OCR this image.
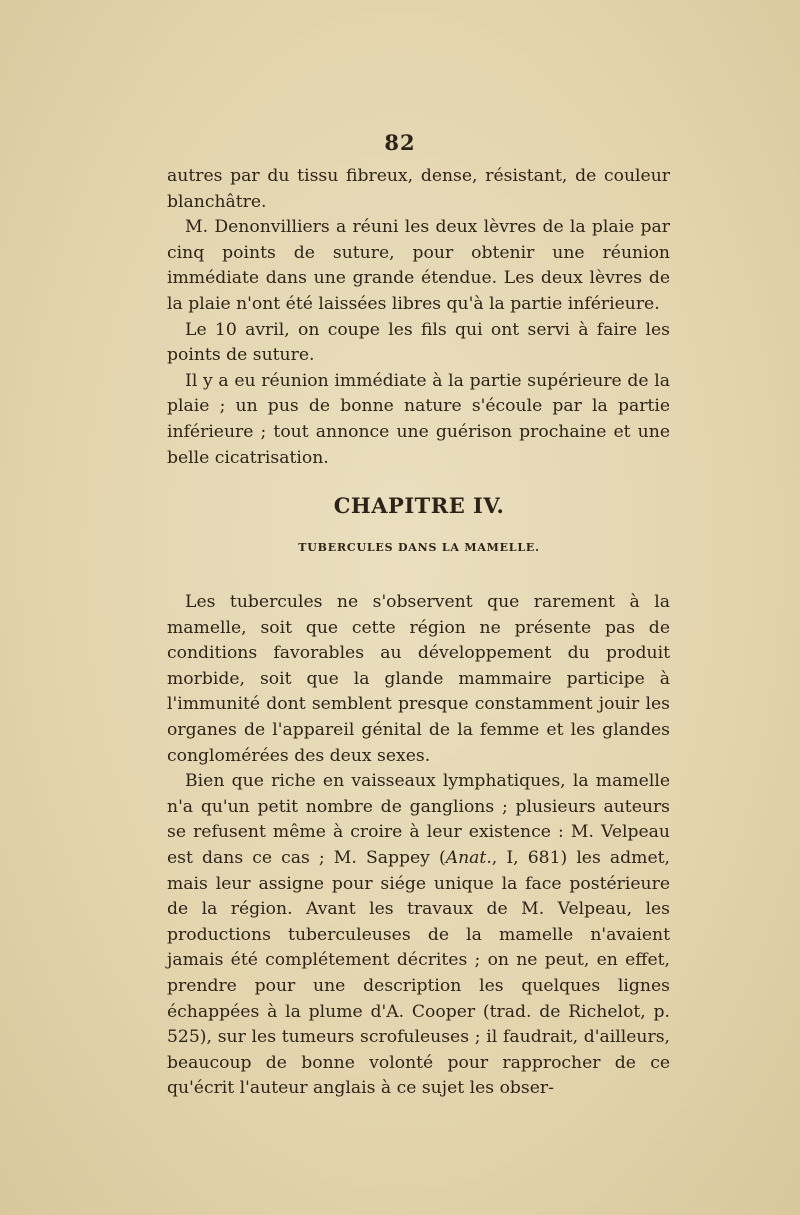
82

autres par du tissu fibreux, dense, résistant, de couleur blanchâtre.

M. Denonvilliers a réuni les deux lèvres de la plaie par cinq points de suture, pour obtenir une réunion immédiate dans une grande étendue. Les deux lèvres de la plaie n'ont été laissées libres qu'à la partie inférieure.

Le 10 avril, on coupe les fils qui ont servi à faire les points de suture.

Il y a eu réunion immédiate à la partie supérieure de la plaie ; un pus de bonne nature s'écoule par la partie inférieure ; tout annonce une guérison prochaine et une belle cicatrisation.

CHAPITRE IV.
TUBERCULES DANS LA MAMELLE.

Les tubercules ne s'observent que rarement à la mamelle, soit que cette région ne présente pas de conditions favorables au développement du produit morbide, soit que la glande mammaire participe à l'immunité dont semblent presque constamment jouir les organes de l'appareil génital de la femme et les glandes conglomérées des deux sexes.

Bien que riche en vaisseaux lymphatiques, la mamelle n'a qu'un petit nombre de ganglions ; plusieurs auteurs se refusent même à croire à leur existence : M. Velpeau est dans ce cas ; M. Sappey (Anat., I, 681) les admet, mais leur assigne pour siége unique la face postérieure de la région. Avant les travaux de M. Velpeau, les productions tuberculeuses de la mamelle n'avaient jamais été complétement décrites ; on ne peut, en effet, prendre pour une description les quelques lignes échappées à la plume d'A. Cooper (trad. de Richelot, p. 525), sur les tumeurs scrofuleuses ; il faudrait, d'ailleurs, beaucoup de bonne volonté pour rapprocher de ce qu'écrit l'auteur anglais à ce sujet les obser-
